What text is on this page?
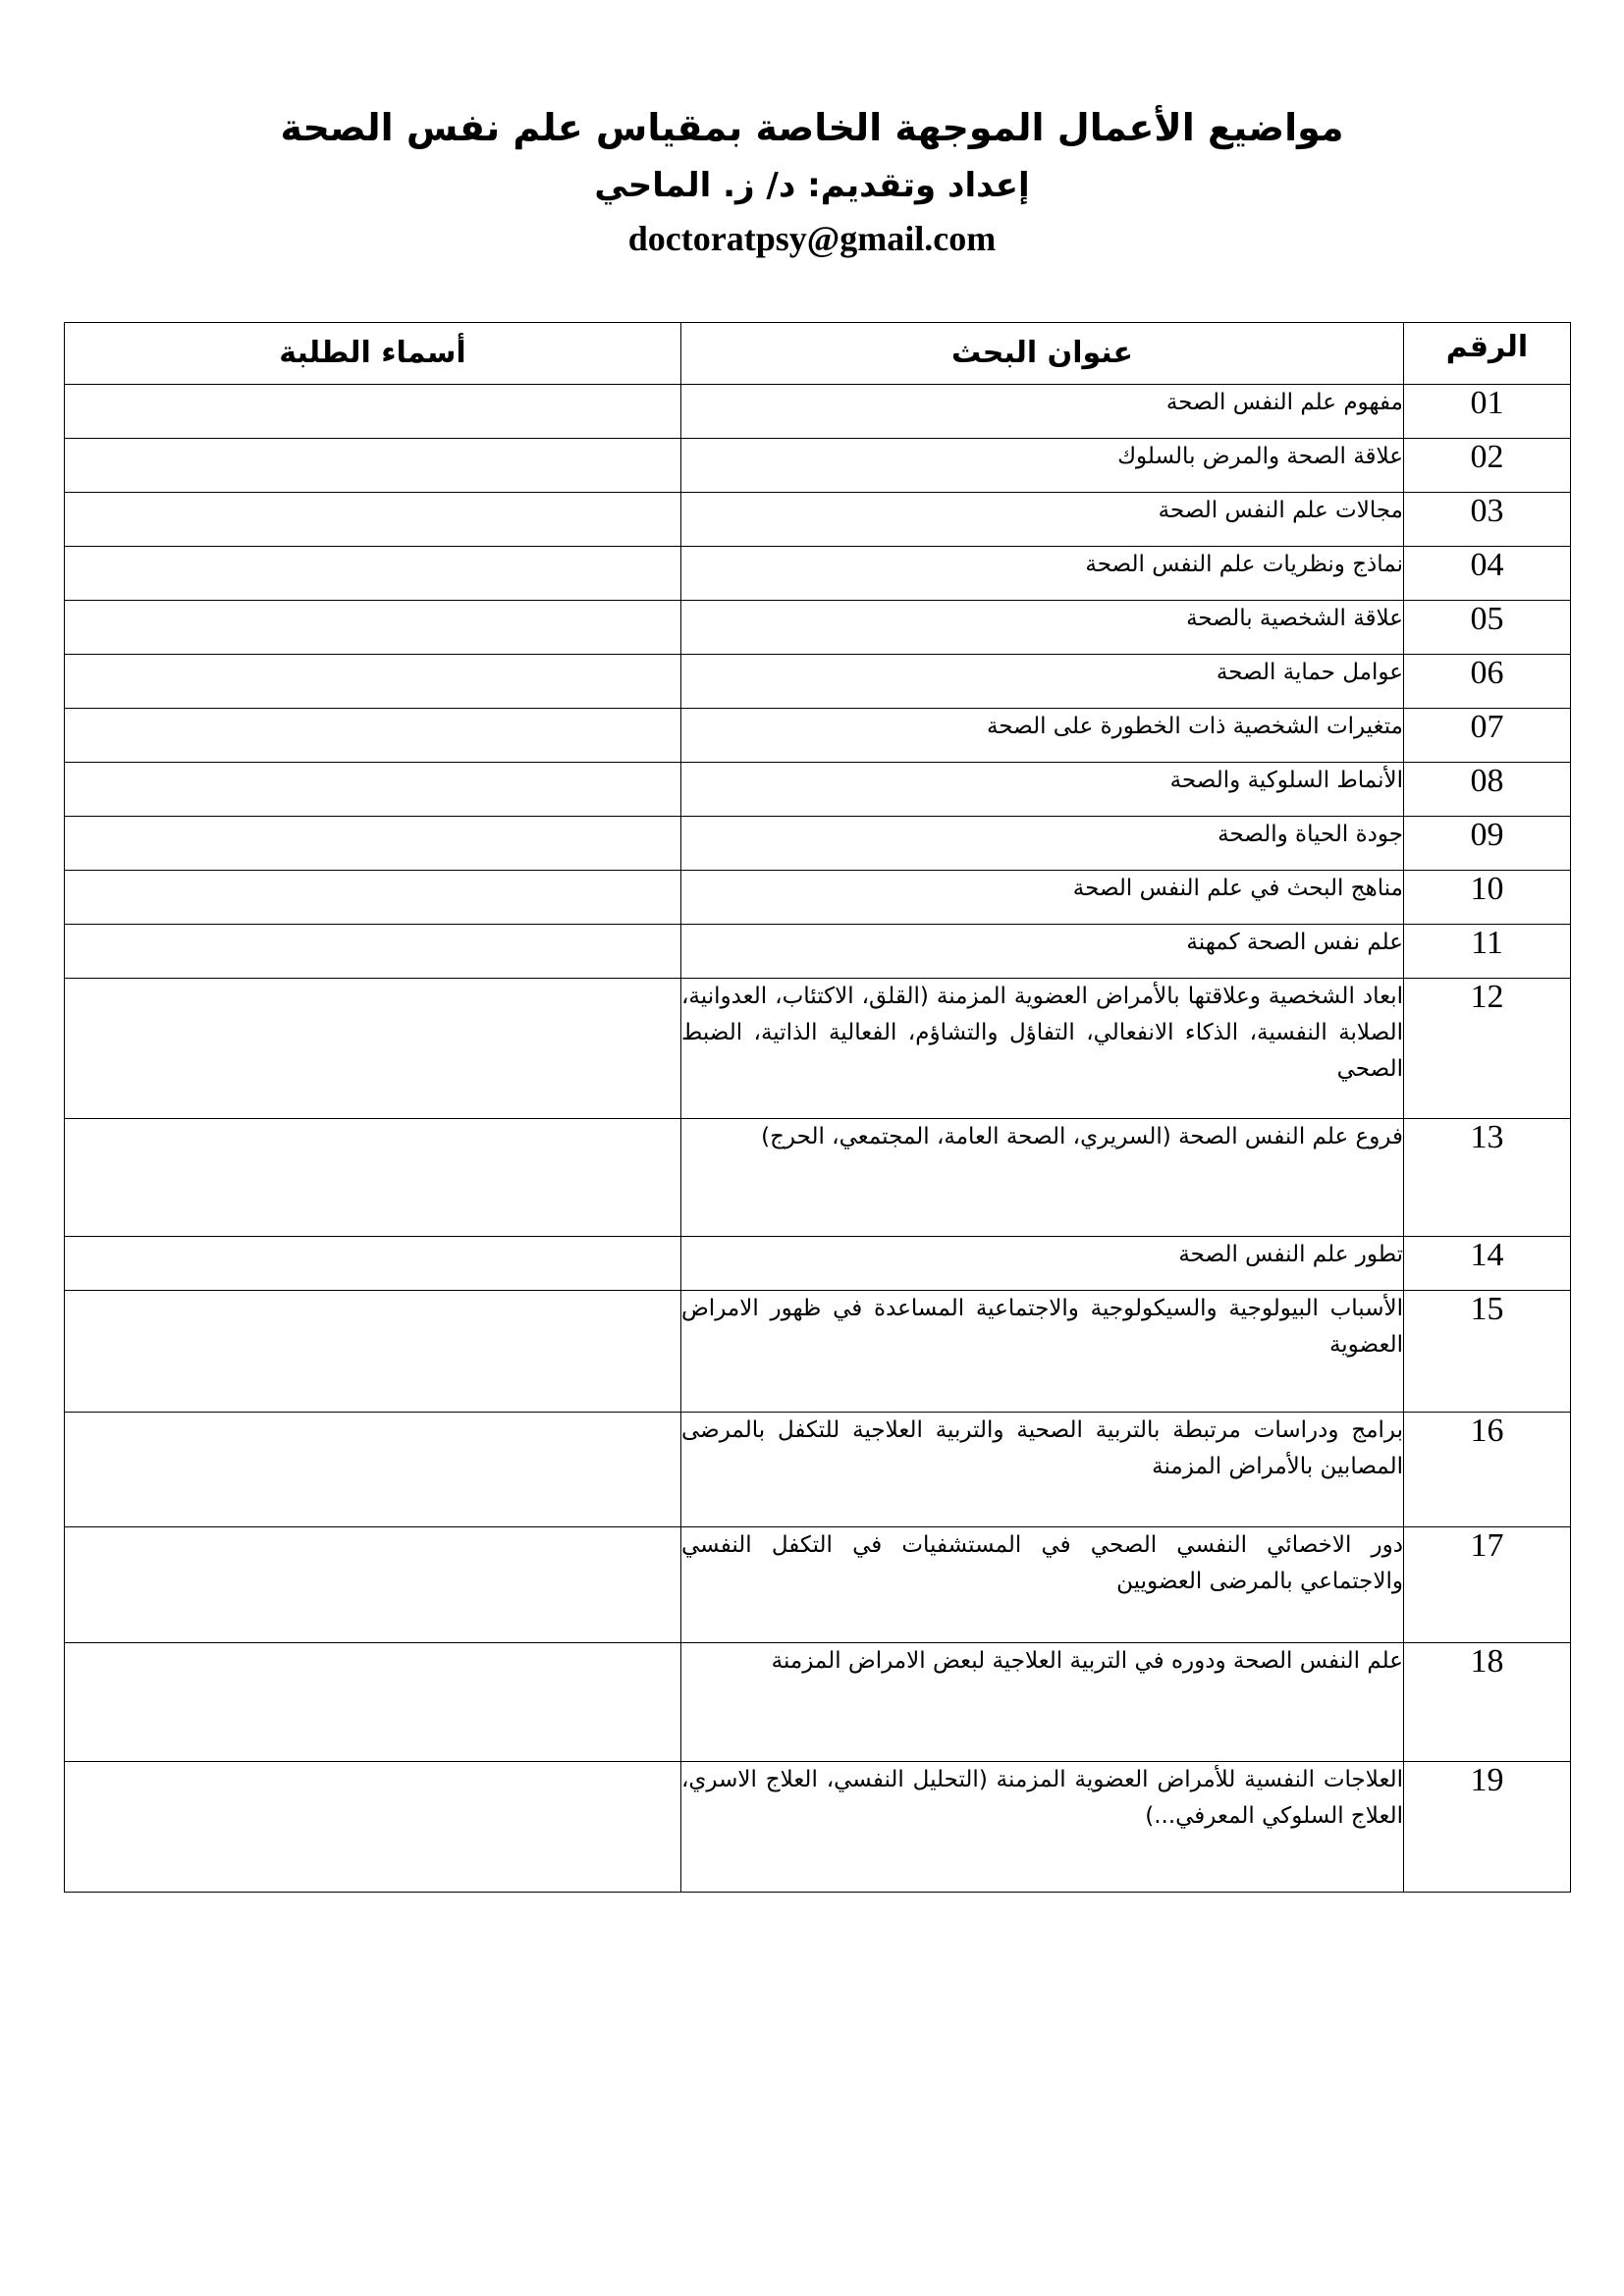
مواضيع الأعمال الموجهة الخاصة بمقياس علم نفس الصحة

إعداد وتقديم: د/ ز. الماحي

doctoratpsy@gmail.com

الرقم	عنوان البحث	أسماء الطلبة
01	مفهوم علم النفس الصحة	
02	علاقة الصحة والمرض بالسلوك	
03	مجالات علم النفس الصحة	
04	نماذج ونظريات علم النفس الصحة	
05	علاقة الشخصية بالصحة	
06	عوامل حماية الصحة	
07	متغيرات الشخصية ذات الخطورة على الصحة	
08	الأنماط السلوكية والصحة	
09	جودة الحياة والصحة	
10	مناهج البحث في علم النفس الصحة	
11	علم نفس الصحة كمهنة	
12	ابعاد الشخصية وعلاقتها بالأمراض العضوية المزمنة (القلق، الاكتئاب، العدوانية، الصلابة النفسية، الذكاء الانفعالي، التفاؤل والتشاؤم، الفعالية الذاتية، الضبط الصحي	
13	فروع علم النفس الصحة (السريري، الصحة العامة، المجتمعي، الحرج)	
14	تطور علم النفس الصحة	
15	الأسباب البيولوجية والسيكولوجية والاجتماعية المساعدة في ظهور الامراض العضوية	
16	برامج ودراسات مرتبطة بالتربية الصحية والتربية العلاجية للتكفل بالمرضى المصابين بالأمراض المزمنة	
17	دور الاخصائي النفسي الصحي في المستشفيات في التكفل النفسي والاجتماعي بالمرضى العضويين	
18	علم النفس الصحة ودوره في التربية العلاجية لبعض الامراض المزمنة	
19	العلاجات النفسية للأمراض العضوية المزمنة (التحليل النفسي، العلاج الاسري، العلاج السلوكي المعرفي...)	
